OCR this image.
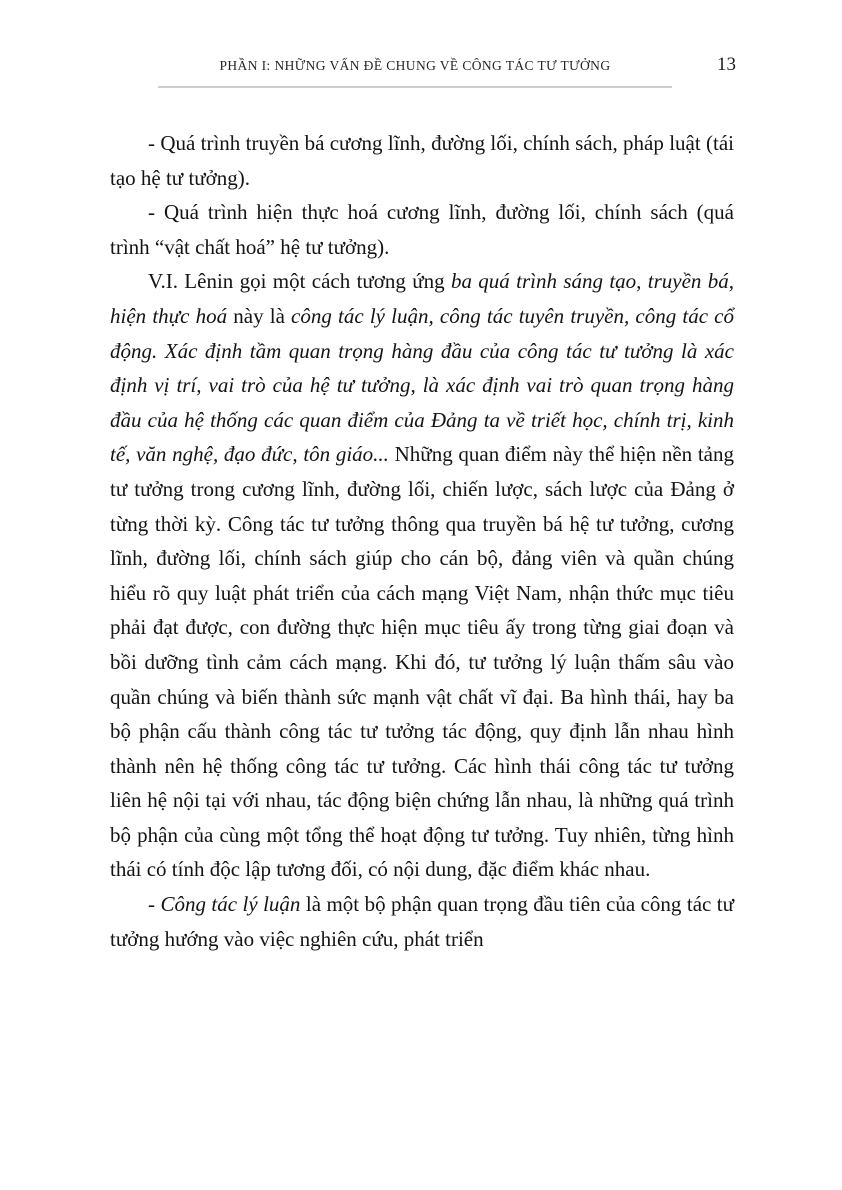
PHẦN I: NHỮNG VẤN ĐỀ CHUNG VỀ CÔNG TÁC TƯ TƯỞNG	13

- Quá trình truyền bá cương lĩnh, đường lối, chính sách, pháp luật (tái tạo hệ tư tưởng).

- Quá trình hiện thực hoá cương lĩnh, đường lối, chính sách (quá trình “vật chất hoá” hệ tư tưởng).

V.I. Lênin gọi một cách tương ứng ba quá trình sáng tạo, truyền bá, hiện thực hoá này là công tác lý luận, công tác tuyên truyền, công tác cổ động. Xác định tầm quan trọng hàng đầu của công tác tư tưởng là xác định vị trí, vai trò của hệ tư tưởng, là xác định vai trò quan trọng hàng đầu của hệ thống các quan điểm của Đảng ta về triết học, chính trị, kinh tế, văn nghệ, đạo đức, tôn giáo... Những quan điểm này thể hiện nền tảng tư tưởng trong cương lĩnh, đường lối, chiến lược, sách lược của Đảng ở từng thời kỳ. Công tác tư tưởng thông qua truyền bá hệ tư tưởng, cương lĩnh, đường lối, chính sách giúp cho cán bộ, đảng viên và quần chúng hiểu rõ quy luật phát triển của cách mạng Việt Nam, nhận thức mục tiêu phải đạt được, con đường thực hiện mục tiêu ấy trong từng giai đoạn và bồi dưỡng tình cảm cách mạng. Khi đó, tư tưởng lý luận thấm sâu vào quần chúng và biến thành sức mạnh vật chất vĩ đại. Ba hình thái, hay ba bộ phận cấu thành công tác tư tưởng tác động, quy định lẫn nhau hình thành nên hệ thống công tác tư tưởng. Các hình thái công tác tư tưởng liên hệ nội tại với nhau, tác động biện chứng lẫn nhau, là những quá trình bộ phận của cùng một tổng thể hoạt động tư tưởng. Tuy nhiên, từng hình thái có tính độc lập tương đối, có nội dung, đặc điểm khác nhau.

- Công tác lý luận là một bộ phận quan trọng đầu tiên của công tác tư tưởng hướng vào việc nghiên cứu, phát triển
